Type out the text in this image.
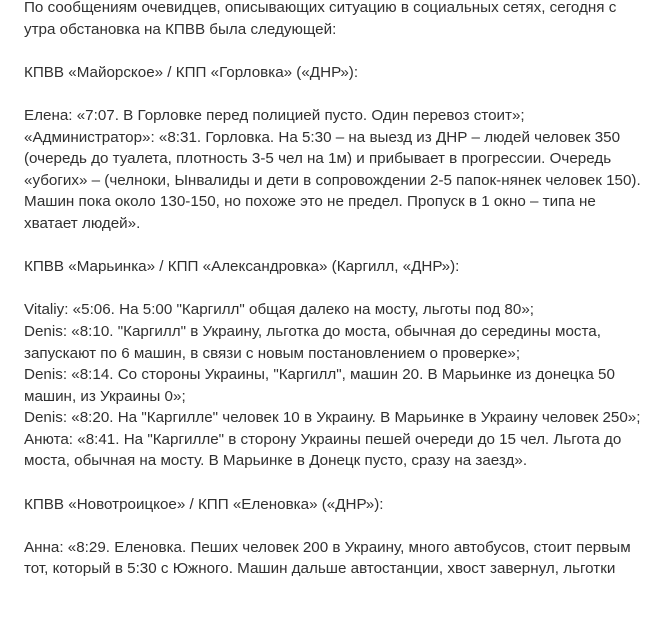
По сообщениям очевидцев, описывающих ситуацию в социальных сетях, сегодня с утра обстановка на КПВВ была следующей:

КПВВ «Майорское» / КПП «Горловка» («ДНР»):

Елена: «7:07. В Горловке перед полицией пусто. Один перевоз стоит»;
«Администратор»: «8:31. Горловка. На 5:30 – на выезд из ДНР – людей человек 350 (очередь до туалета, плотность 3-5 чел на 1м) и прибывает в прогрессии. Очередь «убогих» – (челноки, Ынвалиды и дети в сопровождении 2-5 папок-нянек человек 150). Машин пока около 130-150, но похоже это не предел. Пропуск в 1 окно – типа не хватает людей».

КПВВ «Марьинка» / КПП «Александровка» (Каргилл, «ДНР»):

Vitaliy: «5:06. На 5:00 "Каргилл" общая далеко на мосту, льготы под 80»;
Denis: «8:10. "Каргилл" в Украину, льготка до моста, обычная до середины моста, запускают по 6 машин, в связи с новым постановлением о проверке»;
Denis: «8:14. Со стороны Украины, "Каргилл", машин 20. В Марьинке из донецка 50 машин, из Украины 0»;
Denis: «8:20. На "Каргилле" человек 10 в Украину. В Марьинке в Украину человек 250»;
Анюта: «8:41. На "Каргилле" в сторону Украины пешей очереди до 15 чел. Льгота до моста, обычная на мосту. В Марьинке в Донецк пусто, сразу на заезд».

КПВВ «Новотроицкое» / КПП «Еленовка» («ДНР»):

Анна: «8:29. Еленовка. Пеших человек 200 в Украину, много автобусов, стоит первым тот, который в 5:30 с Южного. Машин дальше автостанции, хвост завернул, льготки
